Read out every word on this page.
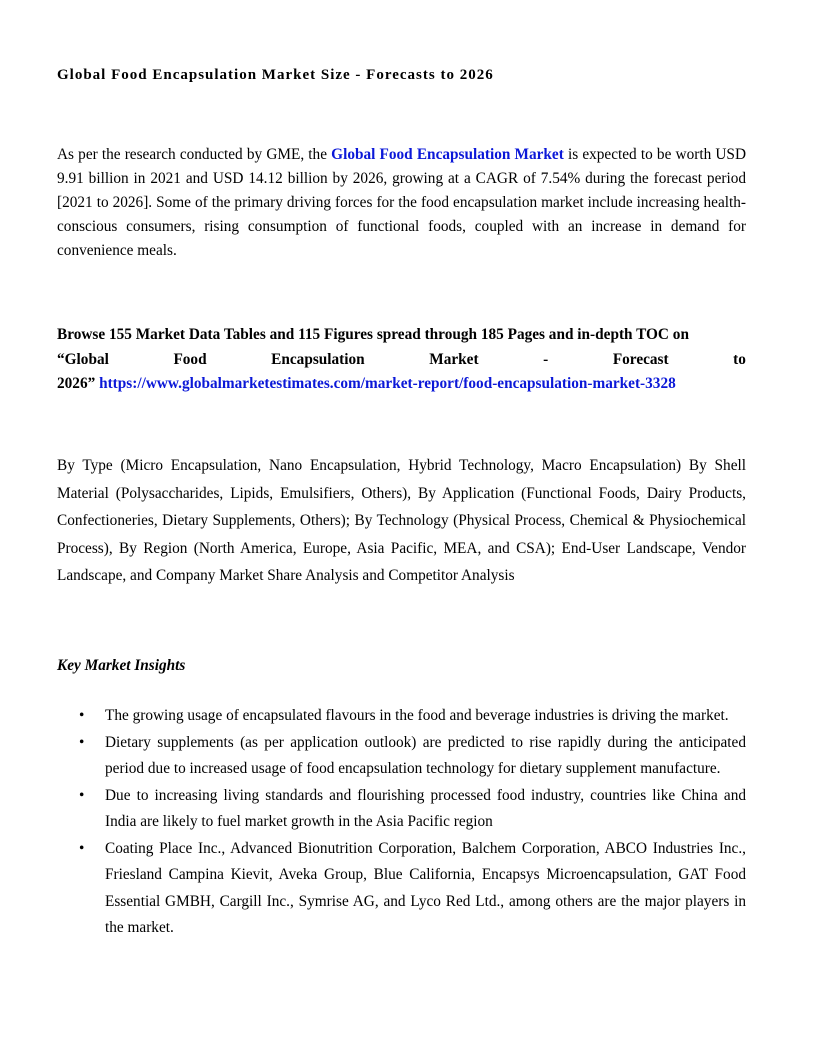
Global Food Encapsulation Market Size - Forecasts to 2026

As per the research conducted by GME, the Global Food Encapsulation Market is expected to be worth USD 9.91 billion in 2021 and USD 14.12 billion by 2026, growing at a CAGR of 7.54% during the forecast period [2021 to 2026]. Some of the primary driving forces for the food encapsulation market include increasing health-conscious consumers, rising consumption of functional foods, coupled with an increase in demand for convenience meals.

Browse 155 Market Data Tables and 115 Figures spread through 185 Pages and in-depth TOC on
“Global	Food	Encapsulation	Market	-	Forecast	to
2026” https://www.globalmarketestimates.com/market-report/food-encapsulation-market-3328

By Type (Micro Encapsulation, Nano Encapsulation, Hybrid Technology, Macro Encapsulation) By Shell Material (Polysaccharides, Lipids, Emulsifiers, Others), By Application (Functional Foods, Dairy Products, Confectioneries, Dietary Supplements, Others); By Technology (Physical Process, Chemical & Physiochemical Process), By Region (North America, Europe, Asia Pacific, MEA, and CSA); End-User Landscape, Vendor Landscape, and Company Market Share Analysis and Competitor Analysis

Key Market Insights
• The growing usage of encapsulated flavours in the food and beverage industries is driving the market.
• Dietary supplements (as per application outlook) are predicted to rise rapidly during the anticipated period due to increased usage of food encapsulation technology for dietary supplement manufacture.
• Due to increasing living standards and flourishing processed food industry, countries like China and India are likely to fuel market growth in the Asia Pacific region
• Coating Place Inc., Advanced Bionutrition Corporation, Balchem Corporation, ABCO Industries Inc., Friesland Campina Kievit, Aveka Group, Blue California, Encapsys Microencapsulation, GAT Food Essential GMBH, Cargill Inc., Symrise AG, and Lyco Red Ltd., among others are the major players in the market.
